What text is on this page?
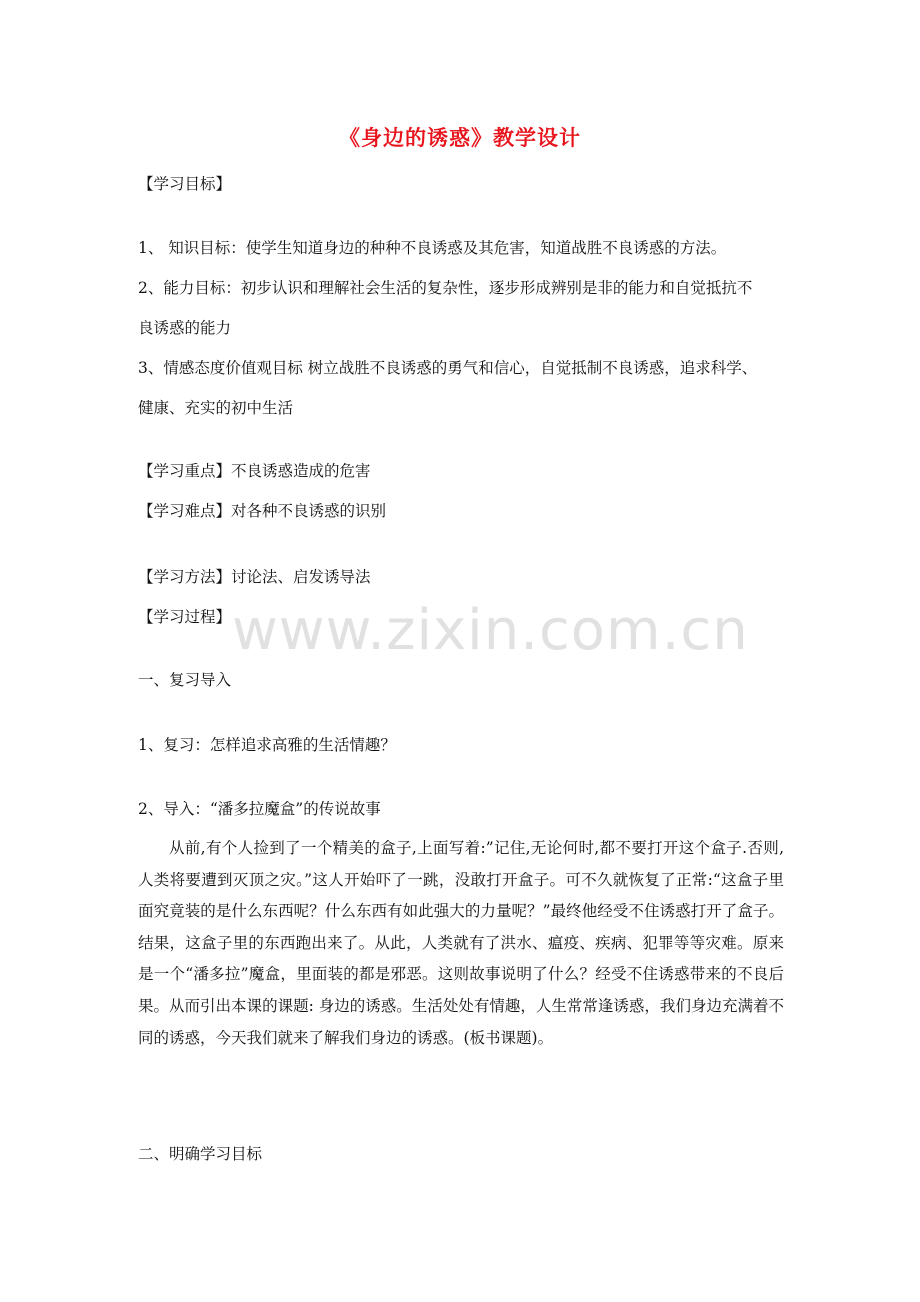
《身边的诱惑》教学设计
【学习目标】
1、 知识目标：使学生知道身边的种种不良诱惑及其危害，知道战胜不良诱惑的方法。
2、能力目标：初步认识和理解社会生活的复杂性，逐步形成辨别是非的能力和自觉抵抗不
良诱惑的能力
3、情感态度价值观目标 树立战胜不良诱惑的勇气和信心，自觉抵制不良诱惑，追求科学、
健康、充实的初中生活
【学习重点】不良诱惑造成的危害
【学习难点】对各种不良诱惑的识别
【学习方法】讨论法、启发诱导法
【学习过程】
一、复习导入
1、复习：怎样追求高雅的生活情趣？
2、导入：“潘多拉魔盒”的传说故事
从前,有个人捡到了一个精美的盒子,上面写着:”记住,无论何时,都不要打开这个盒子.否则,人类将要遭到灭顶之灾。”这人开始吓了一跳，没敢打开盒子。可不久就恢复了正常:“这盒子里面究竟装的是什么东西呢？什么东西有如此强大的力量呢？”最终他经受不住诱惑打开了盒子。结果，这盒子里的东西跑出来了。从此，人类就有了洪水、瘟疫、疾病、犯罪等等灾难。原来是一个“潘多拉”魔盒，里面装的都是邪恶。这则故事说明了什么？经受不住诱惑带来的不良后果。从而引出本课的课题: 身边的诱惑。生活处处有情趣，人生常常逢诱惑，我们身边充满着不同的诱惑，今天我们就来了解我们身边的诱惑。(板书课题)。
二、明确学习目标
www.zixin.com.cn
